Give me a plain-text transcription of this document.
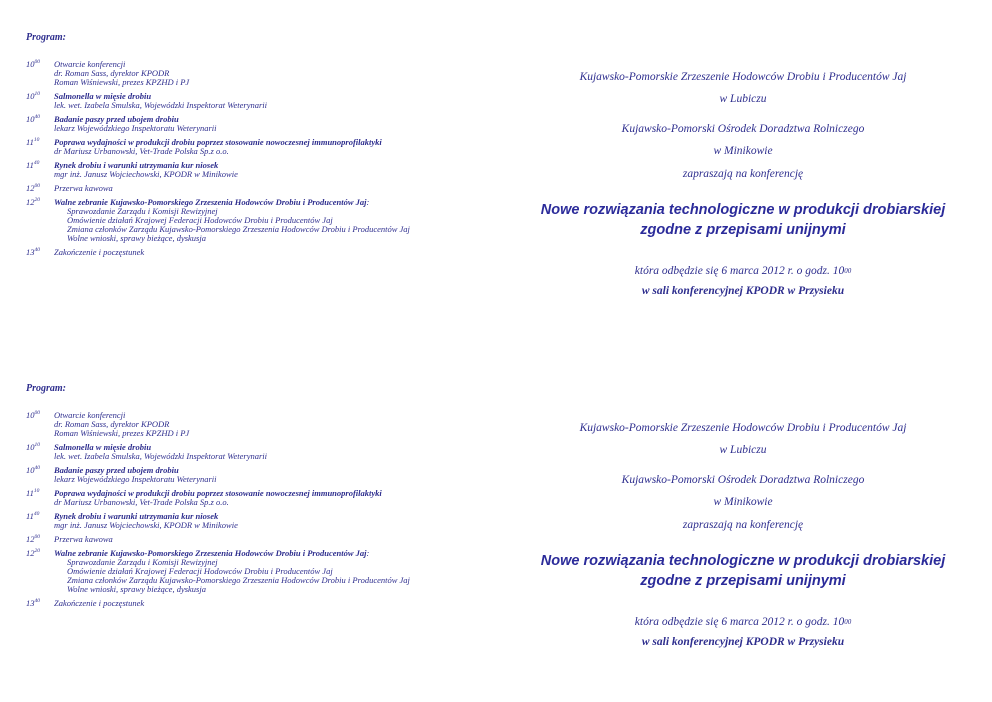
Program:
$10^{00}$ Otwarcie konferencji
dr. Roman Sass, dyrektor KPODR
Roman Wiśniewski, prezes KPZHD i PJ
$10^{10}$ Salmonella w mięsie drobiu
lek. wet. Izabela Smulska, Wojewódzki Inspektorat Weterynarii
$10^{40}$ Badanie paszy przed ubojem drobiu
lekarz Wojewódzkiego Inspektoratu Weterynarii
$11^{10}$ Poprawa wydajności w produkcji drobiu poprzez stosowanie nowoczesnej immunoprofilaktyki
dr Mariusz Urbanowski, Vet-Trade Polska Sp.z o.o.
$11^{40}$ Rynek drobiu i warunki utrzymania kur niosek
mgr inż. Janusz Wojciechowski, KPODR w Minikowie
$12^{00}$ Przerwa kawowa
$12^{20}$ Walne zebranie Kujawsko-Pomorskiego Zrzeszenia Hodowców Drobiu i Producentów Jaj:
Sprawozdanie Zarządu i Komisji Rewizyjnej
Omówienie działań Krajowej Federacji Hodowców Drobiu i Producentów Jaj
Zmiana członków Zarządu Kujawsko-Pomorskiego Zrzeszenia Hodowców Drobiu i Producentów Jaj
Wolne wnioski, sprawy bieżące, dyskusja
$13^{40}$ Zakończenie i poczęstunek

Kujawsko-Pomorskie Zrzeszenie Hodowców Drobiu i Producentów Jaj

w Lubiczu

Kujawsko-Pomorski Ośrodek Doradztwa Rolniczego

w Minikowie

zapraszają na konferencję

Nowe rozwiązania technologiczne w produkcji drobiarskiej
zgodne z przepisami unijnymi

która odbędzie się 6 marca 2012 r. o godz. $10^{00}$

w sali konferencyjnej KPODR w Przysieku

Program:
$10^{00}$ Otwarcie konferencji
dr. Roman Sass, dyrektor KPODR
Roman Wiśniewski, prezes KPZHD i PJ
$10^{10}$ Salmonella w mięsie drobiu
lek. wet. Izabela Smulska, Wojewódzki Inspektorat Weterynarii
$10^{40}$ Badanie paszy przed ubojem drobiu
lekarz Wojewódzkiego Inspektoratu Weterynarii
$11^{10}$ Poprawa wydajności w produkcji drobiu poprzez stosowanie nowoczesnej immunoprofilaktyki
dr Mariusz Urbanowski, Vet-Trade Polska Sp.z o.o.
$11^{40}$ Rynek drobiu i warunki utrzymania kur niosek
mgr inż. Janusz Wojciechowski, KPODR w Minikowie
$12^{00}$ Przerwa kawowa
$12^{20}$ Walne zebranie Kujawsko-Pomorskiego Zrzeszenia Hodowców Drobiu i Producentów Jaj:
Sprawozdanie Zarządu i Komisji Rewizyjnej
Omówienie działań Krajowej Federacji Hodowców Drobiu i Producentów Jaj
Zmiana członków Zarządu Kujawsko-Pomorskiego Zrzeszenia Hodowców Drobiu i Producentów Jaj
Wolne wnioski, sprawy bieżące, dyskusja
$13^{40}$ Zakończenie i poczęstunek

Kujawsko-Pomorskie Zrzeszenie Hodowców Drobiu i Producentów Jaj

w Lubiczu

Kujawsko-Pomorski Ośrodek Doradztwa Rolniczego

w Minikowie

zapraszają na konferencję

Nowe rozwiązania technologiczne w produkcji drobiarskiej
zgodne z przepisami unijnymi

która odbędzie się 6 marca 2012 r. o godz. $10^{00}$

w sali konferencyjnej KPODR w Przysieku
